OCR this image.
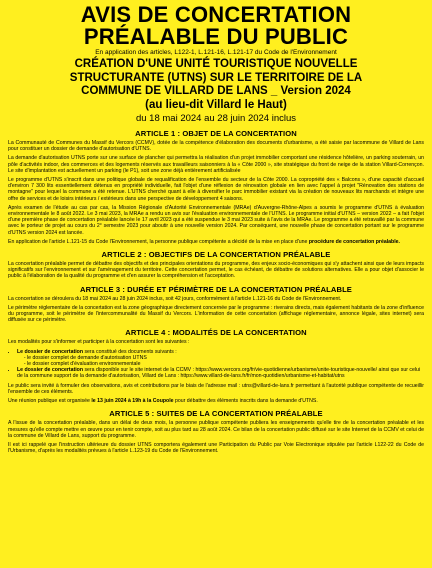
AVIS DE CONCERTATION
PRÉALABLE DU PUBLIC
En application des articles, L122-1, L.121-16, L.121-17 du Code de l'Environnement
CRÉATION D'UNE UNITÉ TOURISTIQUE NOUVELLE
STRUCTURANTE (UTNS) SUR LE TERRITOIRE DE LA
COMMUNE DE VILLARD DE LANS _ Version 2024
(au lieu-dit Villard le Haut)
du 18 mai 2024 au 28 juin 2024 inclus
ARTICLE 1 : OBJET DE LA CONCERTATION

La Communauté de Communes du Massif du Vercors (CCMV), dotée de la compétence d'élaboration des documents d'urbanisme, a été saisie par lacommune de Villard de Lans pour constituer un dossier de demande d'autorisation d'UTNS.

La demande d'autorisation UTNS porte sur une surface de plancher qui permettra la réalisation d'un projet immobilier comportant une résidence hôtelière, un parking souterrain, un pôle d'activités indoor, des commerces et des logements réservés aux travailleurs saisonniers à la « Côte 2000 », site stratégique du front de neige de la station Villard-Corrençon. Le site d'implantation est actuellement un parking (le P1), soit une zone déjà entièrement artificialisée

Le programme d'UTNS s'inscrit dans une politique globale de requalification de l'ensemble du secteur de la Côte 2000. La copropriété des « Balcons », d'une capacité d'accueil d'environ 7 300 lits essentiellement détenus en propriété individuelle, fait l'objet d'une réflexion de rénovation globale en lien avec l'appel à projet "Rénovation des stations de montagne" pour lequel la commune a été retenue. L'UTNS cherché quant à elle à diversifier le parc immobilier existant via la création de nouveaux lits marchands et intègre une offre de services et de loisirs intérieurs / extérieurs dans une perspective de développement 4 saisons.

Après examen de l'étude au cas par cas, la Mission Régionale d'Autorité Environnementale (MRAe) d'Auvergne-Rhône-Alpes a soumis le programme d'UTNS à évaluation environnementale le 8 août 2022. Le 3 mai 2023, la MRAe a rendu un avis sur l'évaluation environnementale de l'UTNS. Le programme initial d'UTNS – version 2022 – a fait l'objet d'une première phase de concertation préalable lancée le 17 avril 2023 qui a été suspendue le 3 mai 2023 suite à l'avis de la MRAe. Le programme a été retravaillé par la commune avec le porteur de projet au cours du 2° semestre 2023 pour aboutir à une nouvelle version 2024. Par conséquent, une nouvelle phase de concertation portant sur le programme d'UTNS version 2024 est lancée.

En application de l'article L.121-15 du Code l'Environnement, la personne publique compétente a décidé de la mise en place d'une procédure de concertation préalable.

ARTICLE 2 : OBJECTIFS DE LA CONCERTATION PRÉALABLE

La concertation préalable permet de débattre des objectifs et des principales orientations du programme, des enjeux socio-économiques qui s'y attachent ainsi que de leurs impacts significatifs sur l'environnement et sur l'aménagement du territoire. Cette concertation permet, le cas échéant, de débattre de solutions alternatives. Elle a pour objet d'associer le public à l'élaboration de la qualité du programme et d'en assurer la compréhension et l'acceptation.

ARTICLE 3 : DURÉE ET PÉRIMÈTRE DE LA CONCERTATION PRÉALABLE

La concertation se déroulera du 18 mai 2024 au 28 juin 2024 inclus, soit 42 jours, conformément à l'article L.121-16 du Code de l'Environnement.

Le périmètre réglementaire de la concertation est la zone géographique directement concernée par le programme : riverains directs, mais également habitants de la zone d'influence du programme, soit le périmètre de l'intercommunalité du Massif du Vercors. L'information de cette concertation (affichage réglementaire, annonce légale, sites internet) sera diffusée sur ce périmètre.

ARTICLE 4 : MODALITÉS DE LA CONCERTATION

Les modalités pour s'informer et participer à la concertation sont les suivantes :

• Le dossier de concertation sera constitué des documents suivants :
- le dossier complet de demande d'autorisation UTNS
- le dossier complet d'évaluation environnementale
• Le dossier de concertation sera disponible sur le site internet de la CCMV : https://www.vercors.org/fr/vie-quotidienne/urbanisme/unite-touristique-nouvelle/ ainsi que sur celui de la commune support de la demande d'autorisation, Villard de Lans : https://www.villard-de-lans.fr/fr/mon-quotidien/urbanisme-et-habitat/utns

Le public sera invité à formuler des observations, avis et contributions par le biais de l'adresse mail : utns@villard-de-lans.fr permettant à l'autorité publique compétente de recueillir l'ensemble de ces éléments.

Une réunion publique est organisée le 13 juin 2024 à 19h à la Coupole pour débattre des éléments inscrits dans la demande d'UTNS.

ARTICLE 5 : SUITES DE LA CONCERTATION PRÉALABLE

A l'issue de la concertation préalable, dans un délai de deux mois, la personne publique compétente publiera les enseignements qu'elle tire de la concertation préalable et les mesures qu'elle compte mettre en œuvre pour en tenir compte, soit au plus tard au 28 août 2024. Ce bilan de la concertation public diffusé sur le site Internet de la CCMV et celui de la commune de Villard de Lans, support du programme.

Il est ici rappelé que l'instruction ultérieure du dossier UTNS comportera également une Participation du Public par Voie Electronique stipulée par l'article L122-22 du Code de l'Urbanisme, d'après les modalités prévues à l'article L.123-19 du Code de l'Environnement.
